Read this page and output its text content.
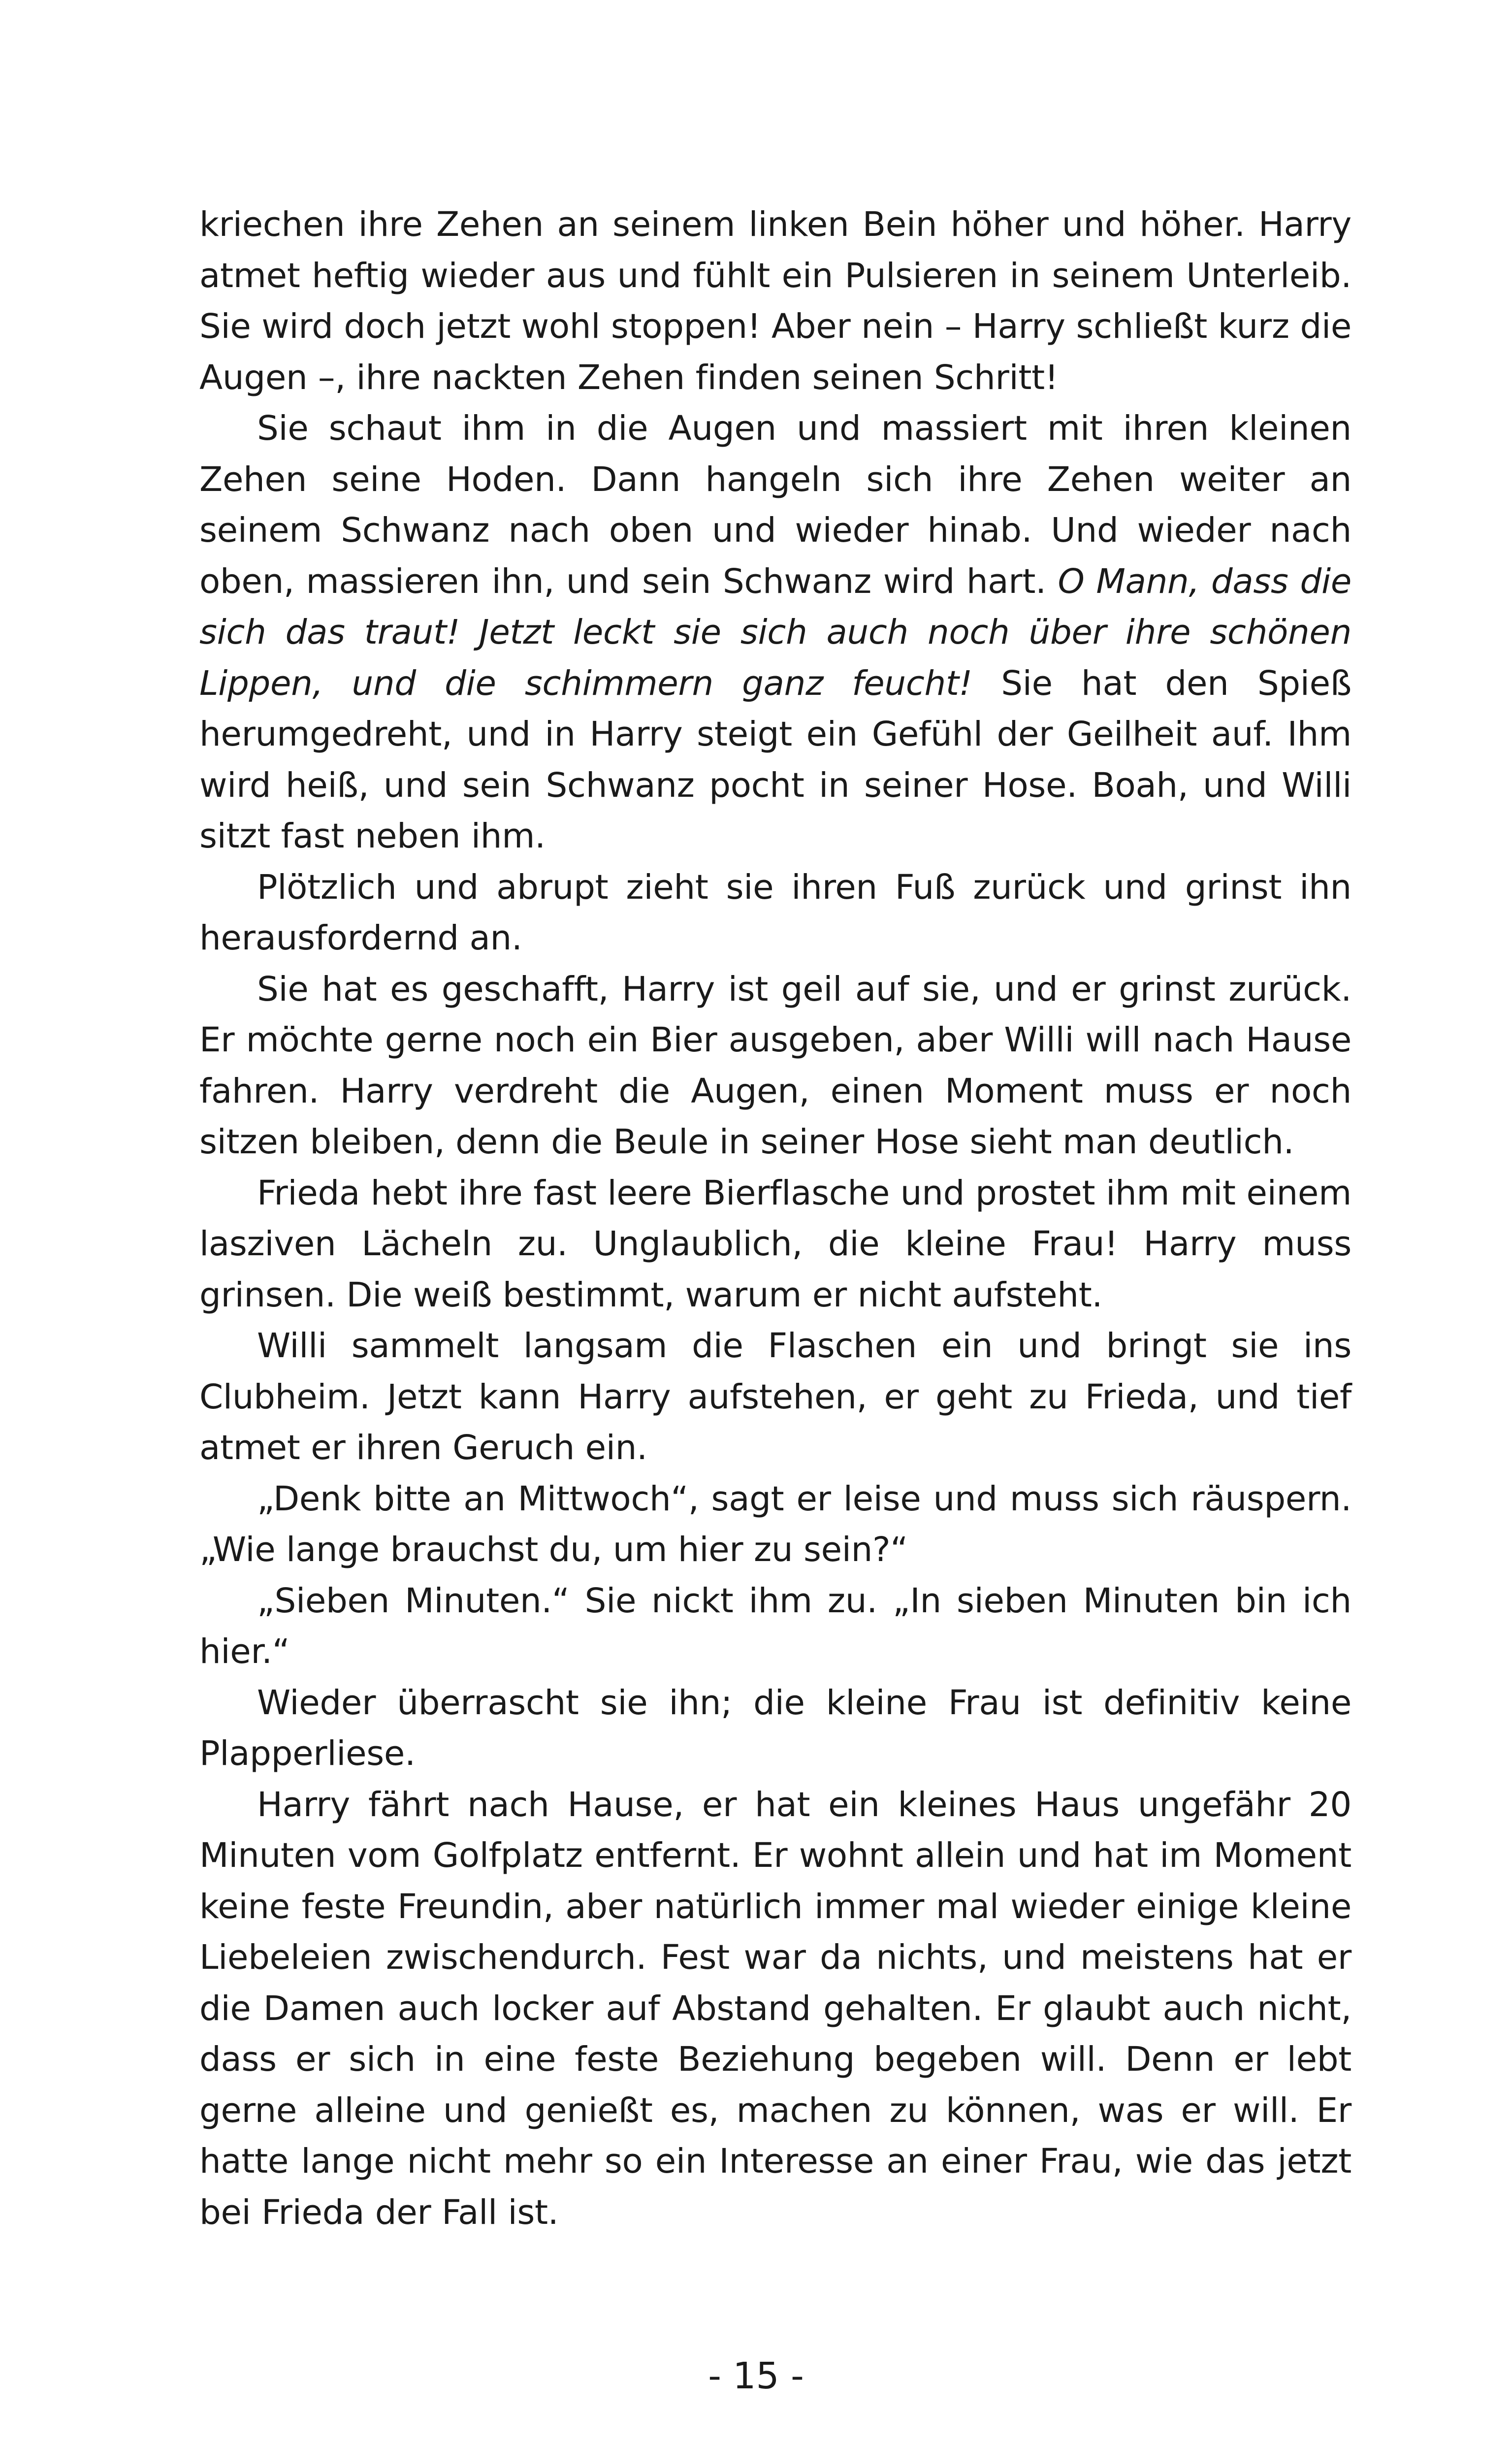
kriechen ihre Zehen an seinem linken Bein höher und höher. Harry atmet heftig wieder aus und fühlt ein Pulsieren in seinem Unterleib. Sie wird doch jetzt wohl stoppen! Aber nein – Harry schließt kurz die Augen –, ihre nackten Zehen finden seinen Schritt!

Sie schaut ihm in die Augen und massiert mit ihren kleinen Zehen seine Hoden. Dann hangeln sich ihre Zehen weiter an seinem Schwanz nach oben und wieder hinab. Und wieder nach oben, massieren ihn, und sein Schwanz wird hart. O Mann, dass die sich das traut! Jetzt leckt sie sich auch noch über ihre schönen Lippen, und die schimmern ganz feucht! Sie hat den Spieß herumgedreht, und in Harry steigt ein Gefühl der Geilheit auf. Ihm wird heiß, und sein Schwanz pocht in seiner Hose. Boah, und Willi sitzt fast neben ihm.

Plötzlich und abrupt zieht sie ihren Fuß zurück und grinst ihn herausfordernd an.

Sie hat es geschafft, Harry ist geil auf sie, und er grinst zurück. Er möchte gerne noch ein Bier ausgeben, aber Willi will nach Hause fahren. Harry verdreht die Augen, einen Moment muss er noch sitzen bleiben, denn die Beule in seiner Hose sieht man deutlich.

Frieda hebt ihre fast leere Bierflasche und prostet ihm mit einem lasziven Lächeln zu. Unglaublich, die kleine Frau! Harry muss grinsen. Die weiß bestimmt, warum er nicht aufsteht.

Willi sammelt langsam die Flaschen ein und bringt sie ins Clubheim. Jetzt kann Harry aufstehen, er geht zu Frieda, und tief atmet er ihren Geruch ein.

„Denk bitte an Mittwoch“, sagt er leise und muss sich räuspern. „Wie lange brauchst du, um hier zu sein?“

„Sieben Minuten.“ Sie nickt ihm zu. „In sieben Minuten bin ich hier.“

Wieder überrascht sie ihn; die kleine Frau ist definitiv keine Plapperliese.

Harry fährt nach Hause, er hat ein kleines Haus ungefähr 20 Minuten vom Golfplatz entfernt. Er wohnt allein und hat im Moment keine feste Freundin, aber natürlich immer mal wieder einige kleine Liebeleien zwischendurch. Fest war da nichts, und meistens hat er die Damen auch locker auf Abstand gehalten. Er glaubt auch nicht, dass er sich in eine feste Beziehung begeben will. Denn er lebt gerne alleine und genießt es, machen zu können, was er will. Er hatte lange nicht mehr so ein Interesse an einer Frau, wie das jetzt bei Frieda der Fall ist.

- 15 -
